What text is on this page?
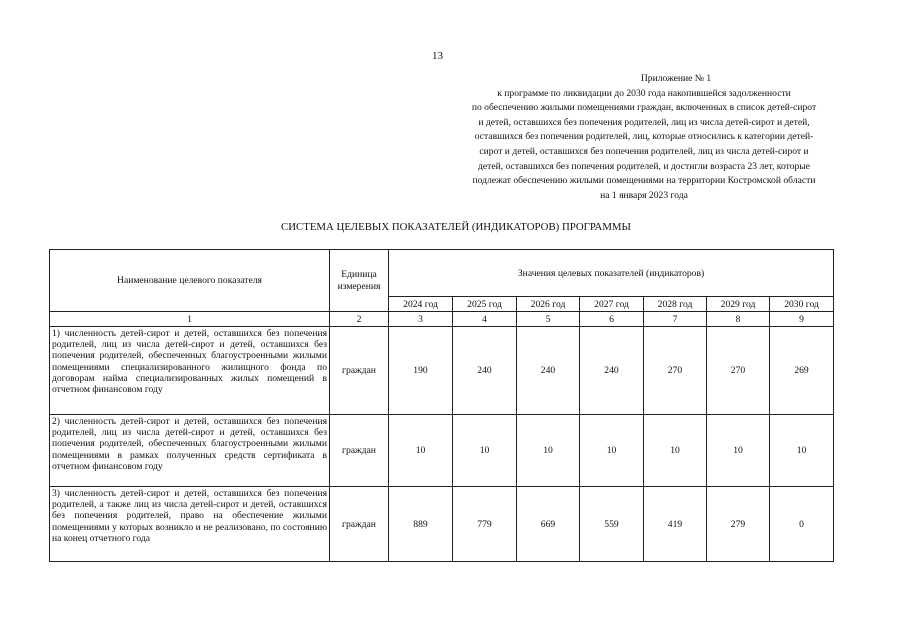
13
Приложение № 1
к программе по ликвидации до 2030 года накопившейся задолженности
по обеспечению жилыми помещениями граждан, включенных в список детей-сирот
и детей, оставшихся без попечения родителей, лиц из числа детей-сирот и детей,
оставшихся без попечения родителей, лиц, которые относились к категории детей-
сирот и детей, оставшихся без попечения родителей, лиц из числа детей-сирот и
детей, оставшихся без попечения родителей, и достигли возраста 23 лет, которые
подлежат обеспечению жилыми помещениями на территории Костромской области
на 1 января 2023 года
СИСТЕМА ЦЕЛЕВЫХ ПОКАЗАТЕЛЕЙ (ИНДИКАТОРОВ) ПРОГРАММЫ
Наименование целевого показателя	Единица измерения	Значения целевых показателей (индикаторов)						
		2024 год	2025 год	2026 год	2027 год	2028 год	2029 год	2030 год
1	2	3	4	5	6	7	8	9
1) численность детей-сирот и детей, оставшихся без попечения родителей, лиц из числа детей-сирот и детей, оставшихся без попечения родителей, обеспеченных благоустроенными жилыми помещениями специализированного жилищного фонда по договорам найма специализированных жилых помещений в отчетном финансовом году	граждан	190	240	240	240	270	270	269
2) численность детей-сирот и детей, оставшихся без попечения родителей, лиц из числа детей-сирот и детей, оставшихся без попечения родителей, обеспеченных благоустроенными жилыми помещениями в рамках полученных средств сертификата в отчетном финансовом году	граждан	10	10	10	10	10	10	10
3) численность детей-сирот и детей, оставшихся без попечения родителей, а также лиц из числа детей-сирот и детей, оставшихся без попечения родителей, право на обеспечение жилыми помещениями у которых возникло и не реализовано, по состоянию на конец отчетного года	граждан	889	779	669	559	419	279	0
